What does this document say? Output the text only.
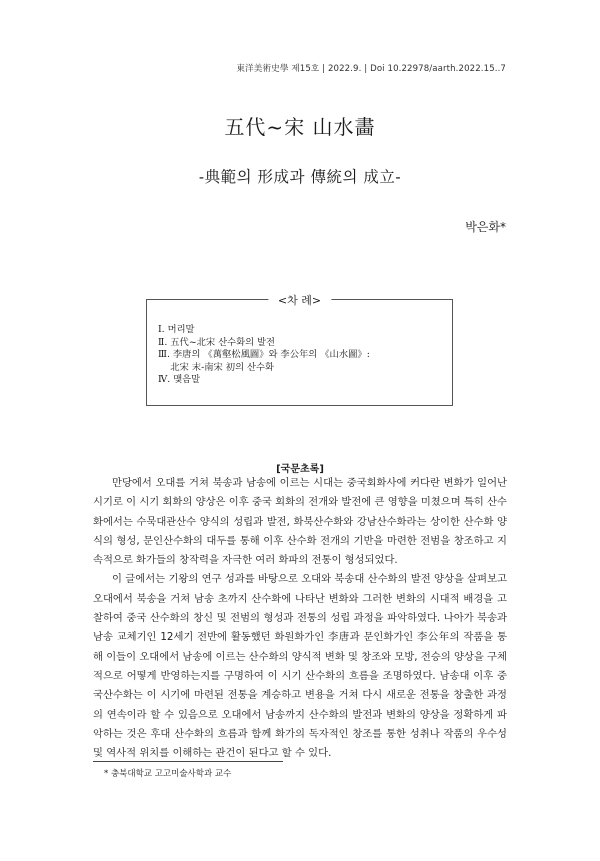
東洋美術史學 제15호 | 2022.9. | Doi 10.22978/aarth.2022.15..7
五代~宋 山水畵
-典範의 形成과 傳統의 成立-
박은화*
<차 례>
Ⅰ. 머리말
Ⅱ. 五代~北宋 산수화의 발전
Ⅲ. 李唐의 《萬壑松風圖》와 李公年의 《山水圖》:
　 北宋 末-南宋 初의 산수화
Ⅳ. 맺음말
[국문초록]

만당에서 오대를 거쳐 북송과 남송에 이르는 시대는 중국회화사에 커다란 변화가 일어난 시기로 이 시기 회화의 양상은 이후 중국 회화의 전개와 발전에 큰 영향을 미쳤으며 특히 산수화에서는 수묵대관산수 양식의 성립과 발전, 화북산수화와 강남산수화라는 상이한 산수화 양식의 형성, 문인산수화의 대두를 통해 이후 산수화 전개의 기반을 마련한 전범을 창조하고 지속적으로 화가들의 창작력을 자극한 여러 화파의 전통이 형성되었다.

이 글에서는 기왕의 연구 성과를 바탕으로 오대와 북송대 산수화의 발전 양상을 살펴보고 오대에서 북송을 거쳐 남송 초까지 산수화에 나타난 변화와 그러한 변화의 시대적 배경을 고찰하여 중국 산수화의 창신 및 전범의 형성과 전통의 성립 과정을 파악하였다. 나아가 북송과 남송 교체기인 12세기 전반에 활동했던 화원화가인 李唐과 문인화가인 李公年의 작품을 통해 이들이 오대에서 남송에 이르는 산수화의 양식적 변화 및 창조와 모방, 전승의 양상을 구체적으로 어떻게 반영하는지를 구명하여 이 시기 산수화의 흐름을 조명하였다. 남송대 이후 중국산수화는 이 시기에 마련된 전통을 계승하고 변용을 거쳐 다시 새로운 전통을 창출한 과정의 연속이라 할 수 있음으로 오대에서 남송까지 산수화의 발전과 변화의 양상을 정확하게 파악하는 것은 후대 산수화의 흐름과 함께 화가의 독자적인 창조를 통한 성취나 작품의 우수성 및 역사적 위치를 이해하는 관건이 된다고 할 수 있다.

* 충북대학교 고고미술사학과 교수
